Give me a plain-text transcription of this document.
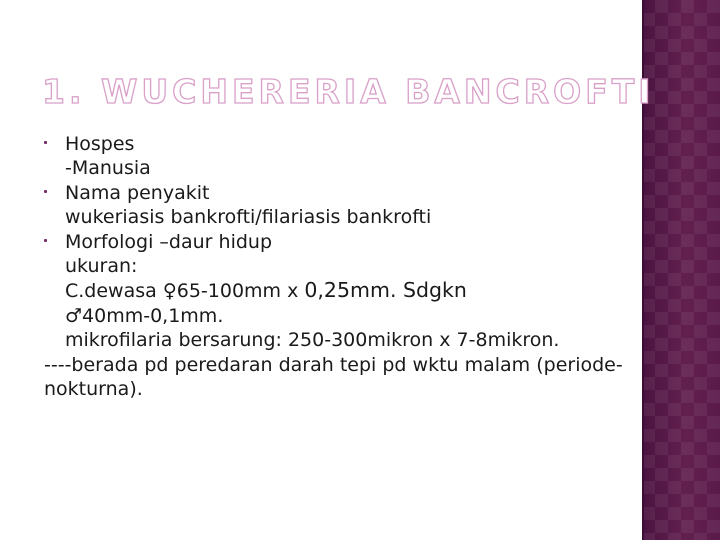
1. WUCHERERIA BANCROFTI
Hospes
-Manusia
Nama penyakit
wukeriasis bankrofti/filariasis bankrofti
Morfologi –daur hidup
ukuran:
C.dewasa ♀65-100mm x 0,25mm. Sdgkn
♂40mm-0,1mm.
mikrofilaria bersarung: 250-300mikron x 7-8mikron.
----berada pd peredaran darah tepi pd wktu malam (periode-nokturna).
